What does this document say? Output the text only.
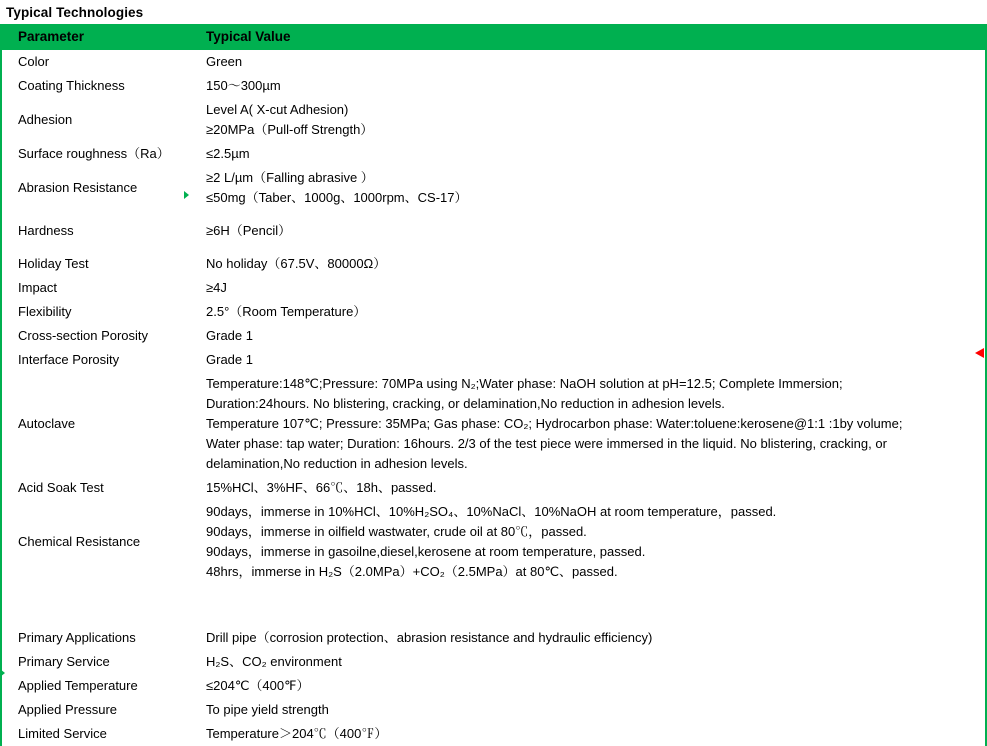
Typical Technologies
Parameter	Typical Value
Color	Green
Coating Thickness	150～300µm
Adhesion	Level A( X-cut Adhesion)
≥20MPa（Pull-off Strength）

Surface roughness（Ra）	≤2.5µm
Abrasion Resistance	≥2 L/µm（Falling abrasive ）
≤50mg（Taber、1000g、1000rpm、CS-17）

Hardness	≥6H（Pencil）
Holiday Test	No holiday（67.5V、80000Ω）
Impact	≥4J
Flexibility	2.5°（Room Temperature）
Cross-section Porosity	Grade 1
Interface Porosity	Grade 1
Autoclave	Temperature:148℃;Pressure: 70MPa using N₂;Water phase: NaOH solution at pH=12.5; Complete Immersion;
Duration:24hours. No blistering, cracking, or delamination,No reduction in adhesion levels.
Temperature 107℃; Pressure: 35MPa; Gas phase: CO₂; Hydrocarbon phase: Water:toluene:kerosene@1:1 :1by volume;
Water phase: tap water; Duration: 16hours. 2/3 of the test piece were immersed in the liquid. No blistering, cracking, or
delamination,No reduction in adhesion levels.

Acid Soak Test	15%HCl、3%HF、66℃、18h、passed.
Chemical Resistance	90days，immerse in 10%HCl、10%H₂SO₄、10%NaCl、10%NaOH at room temperature，passed.
90days，immerse in oilfield wastwater, crude oil at 80℃，passed.
90days，immerse in gasoilne,diesel,kerosene at room temperature, passed.
48hrs，immerse in H₂S（2.0MPa）+CO₂（2.5MPa）at 80℃、passed.

Primary Applications	Drill pipe（corrosion protection、abrasion resistance and hydraulic efficiency)
Primary Service	H₂S、CO₂ environment
Applied Temperature	≤204℃（400℉）
Applied Pressure	To pipe yield strength
Limited Service	Temperature＞204℃（400℉）
